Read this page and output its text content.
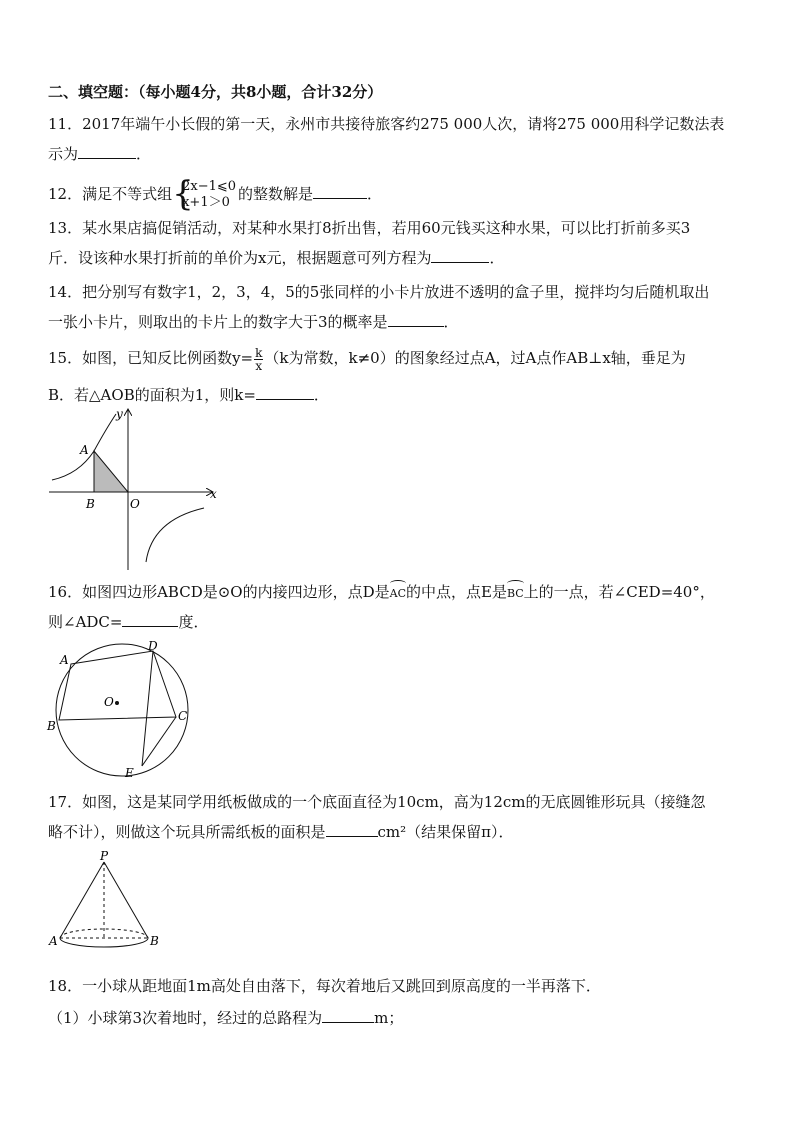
二、填空题：（每小题4分，共8小题，合计32分）
11．2017年端午小长假的第一天，永州市共接待旅客约275 000人次，请将275 000用科学记数法表
示为	．
12．满足不等式组 {
2x−1⩽0
x+1＞0 的整数解是	．
13．某水果店搞促销活动，对某种水果打8折出售，若用60元钱买这种水果，可以比打折前多买3
斤．设该种水果打折前的单价为x元，根据题意可列方程为	．
14．把分别写有数字1，2，3，4，5的5张同样的小卡片放进不透明的盒子里，搅拌均匀后随机取出
一张小卡片，则取出的卡片上的数字大于3的概率是	．
15．如图，已知反比例函数$y= \frac{k}{x} (k$为常数，k≠0）的图象经过点A，过A点作AB⊥x轴，垂足为
B．若△AOB的面积为1，则k=	．
y
x
A
B	O
16．如图四边形ABCD是⊙O的内接四边形，点D是AC的中点，点E是BC上的一点，若∠CED=40°，
则∠ADC=	度．
A
D
C
B
E
O
17．如图，这是某同学用纸板做成的一个底面直径为10cm，高为12cm的无底圆锥形玩具（接缝忽
略不计），则做这个玩具所需纸板的面积是	cm²（结果保留π）．
P
A	B
18．一小球从距地面1m高处自由落下，每次着地后又跳回到原高度的一半再落下．
（1）小球第3次着地时，经过的总路程为	m；
